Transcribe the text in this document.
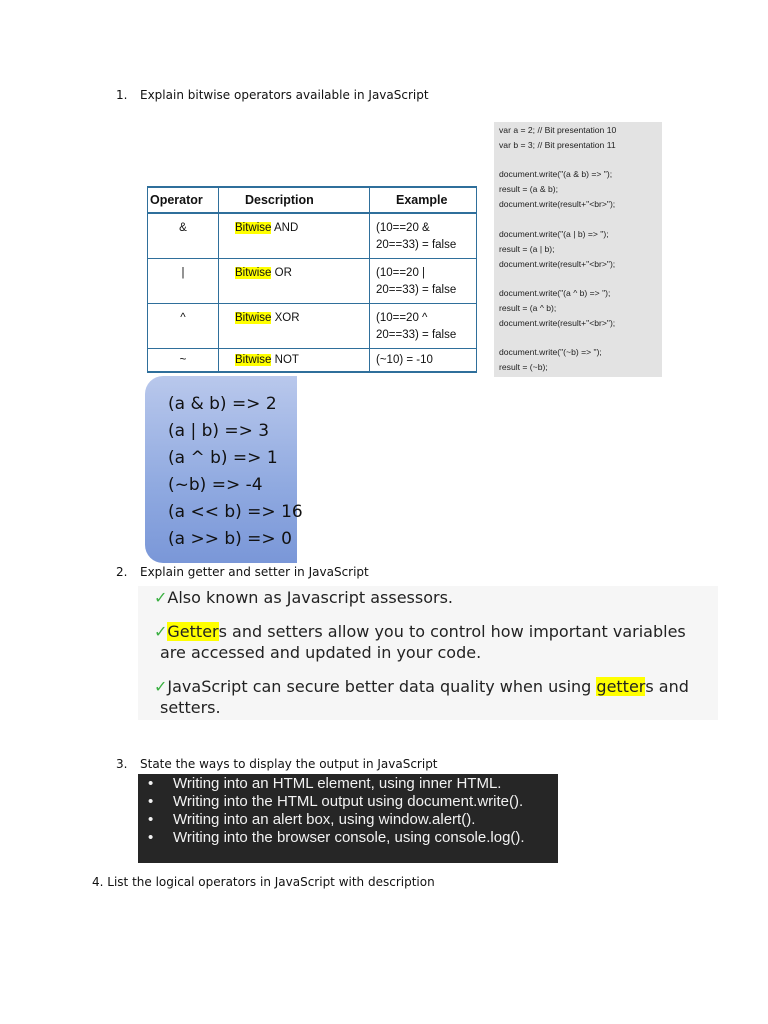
1. Explain bitwise operators available in JavaScript
Operator	Description	Example
&	Bitwise AND	(10==20 &
20==33) = false

|	Bitwise OR	(10==20 |
20==33) = false

^	Bitwise XOR	(10==20 ^
20==33) = false

~	Bitwise NOT	(~10) = -10
var a = 2; // Bit presentation 10
var b = 3; // Bit presentation 11
document.write("(a & b) => ");
result = (a & b);
document.write(result+"<br>");
document.write("(a | b) => ");
result = (a | b);
document.write(result+"<br>");
document.write("(a ^ b) => ");
result = (a ^ b);
document.write(result+"<br>");
document.write("(~b) => ");
result = (~b);
(a & b) => 2
(a | b) => 3
(a ^ b) => 1
(~b) => -4
(a << b) => 16
(a >> b) => 0
2. Explain getter and setter in JavaScript
✓Also known as Javascript assessors.
✓Getters and setters allow you to control how important variables
are accessed and updated in your code.
✓JavaScript can secure better data quality when using getters and
setters.
3. State the ways to display the output in JavaScript
• Writing into an HTML element, using inner HTML.
• Writing into the HTML output using document.write().
• Writing into an alert box, using window.alert().
• Writing into the browser console, using console.log().
4. List the logical operators in JavaScript with description
